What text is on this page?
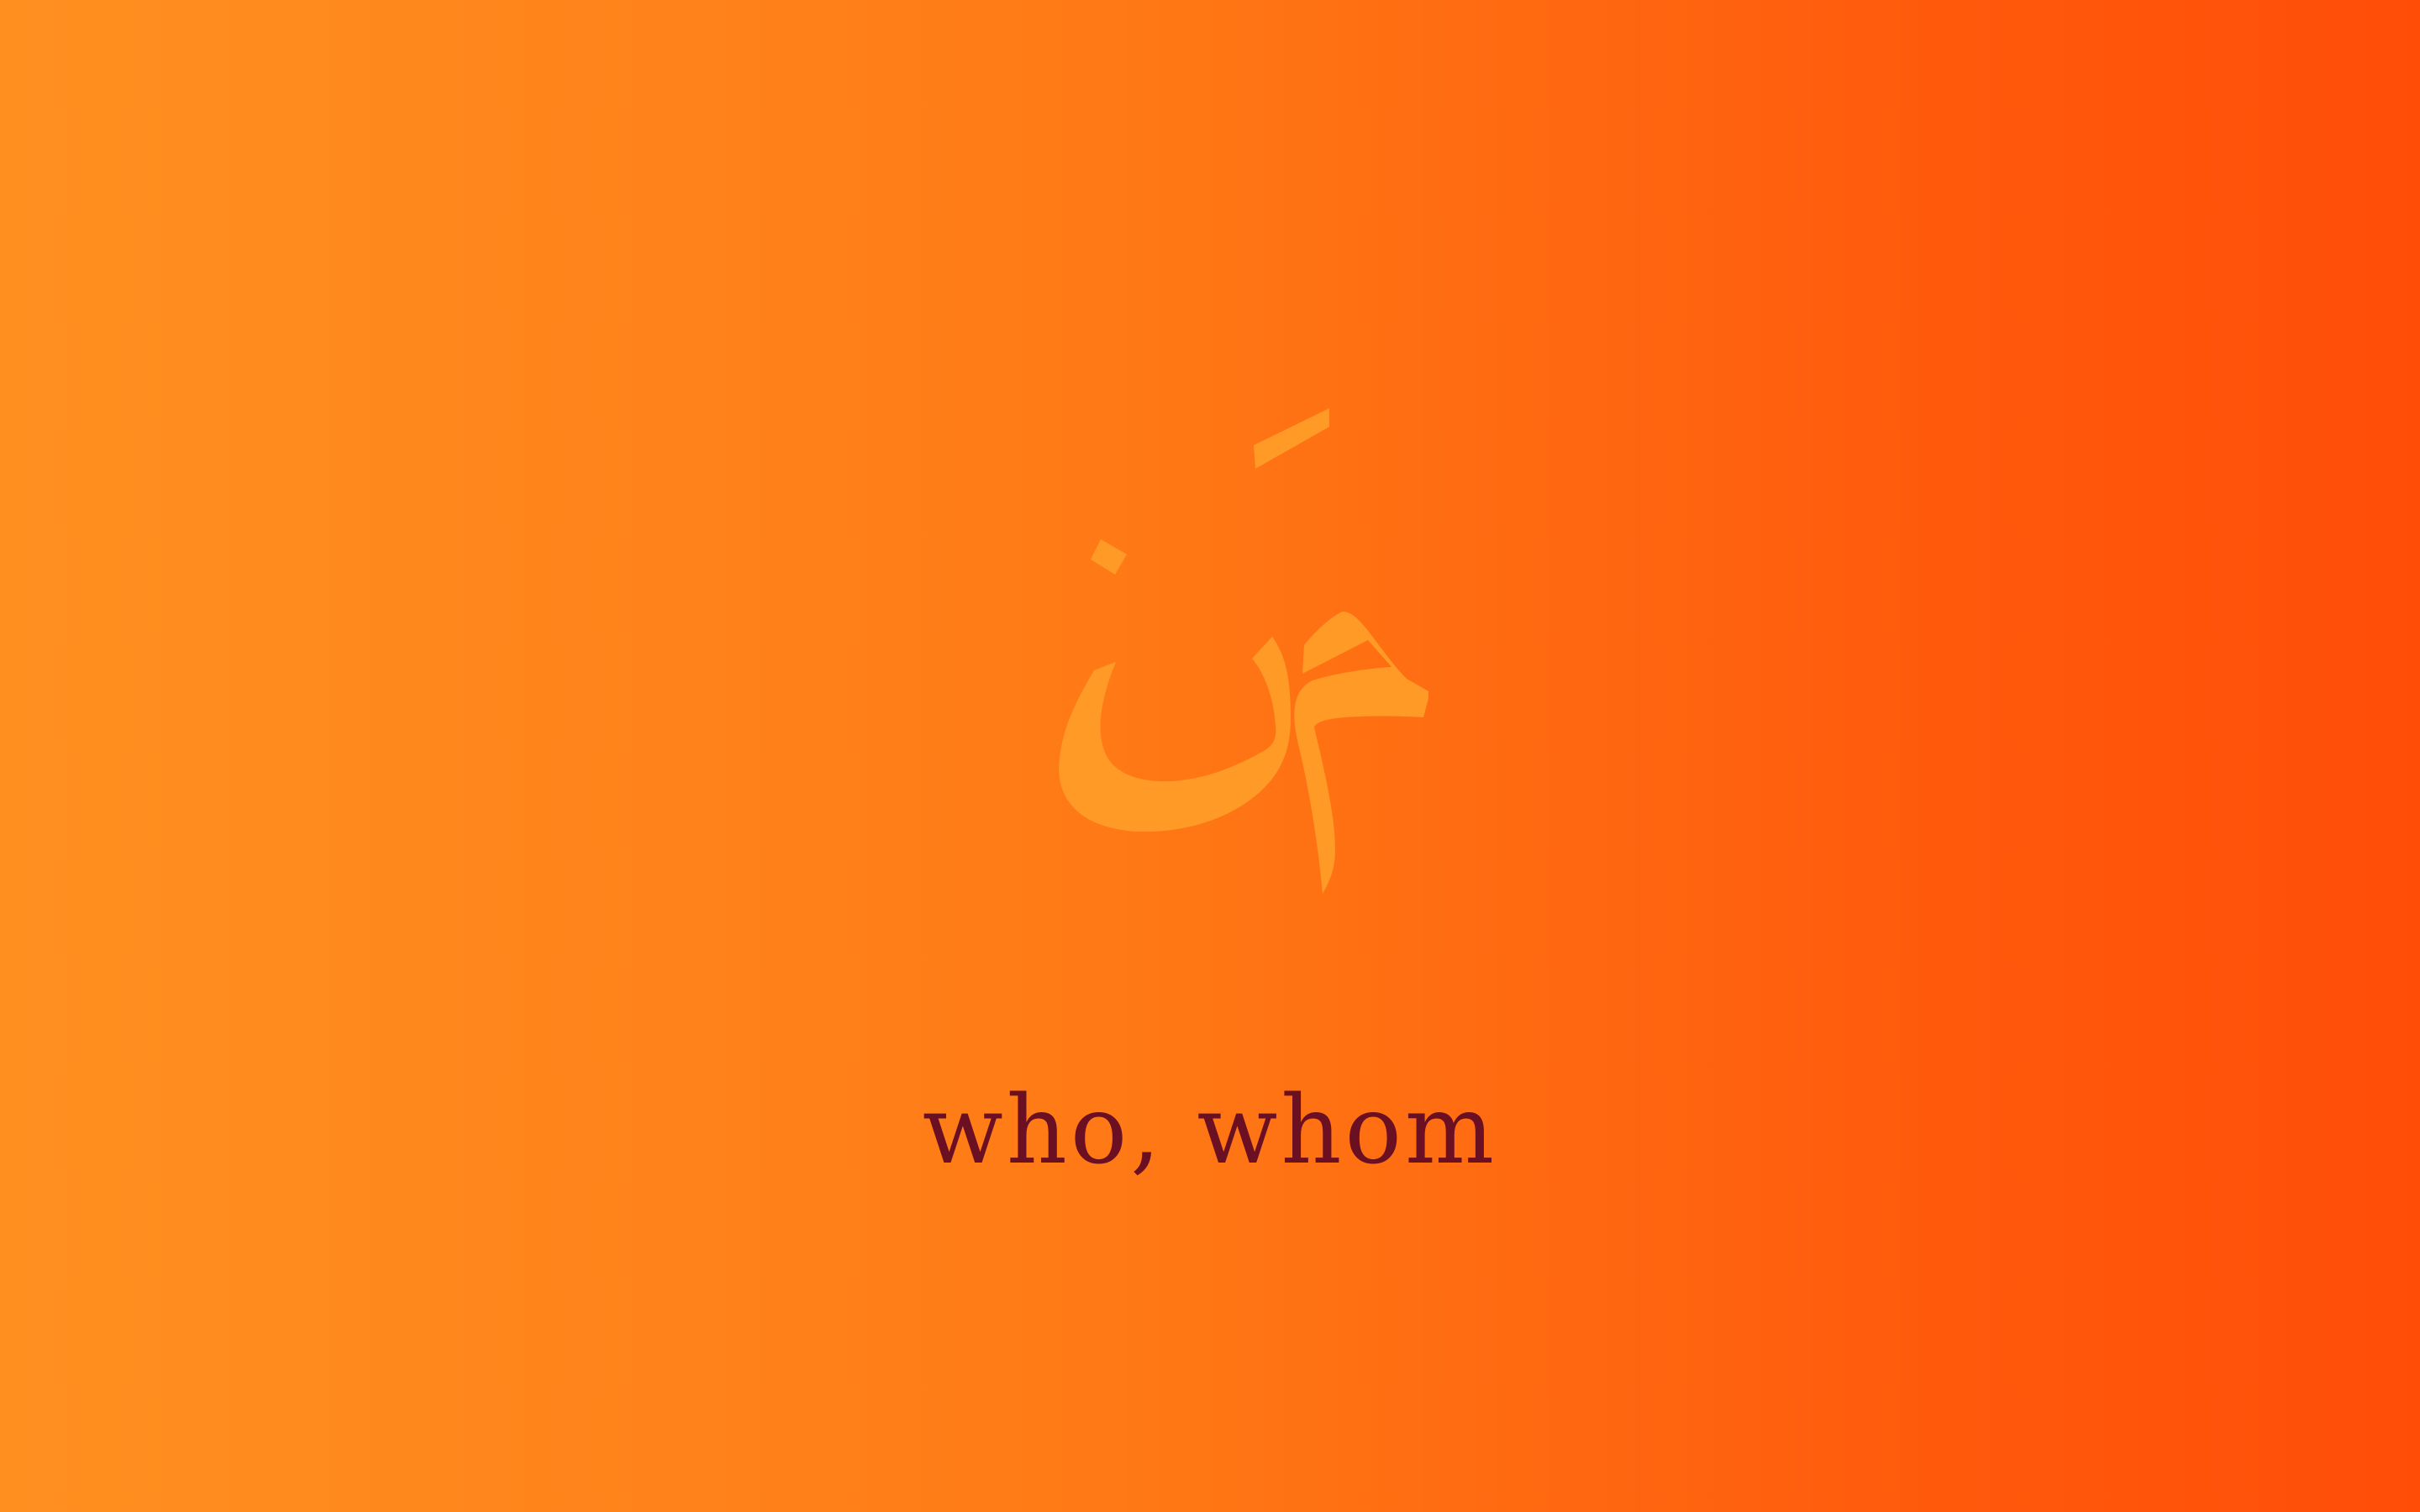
who, whom
